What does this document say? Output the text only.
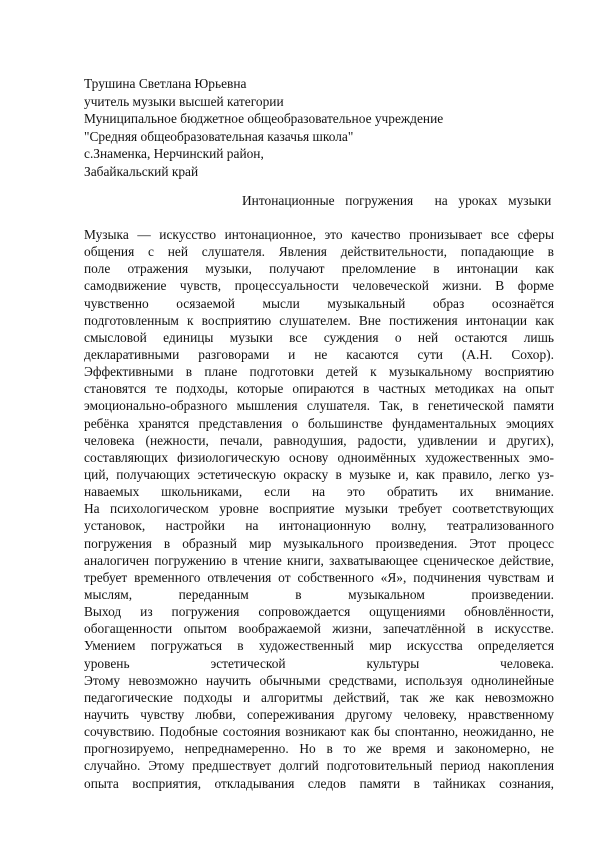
Трушина Светлана Юрьевна
учитель музыки высшей категории
Муниципальное бюджетное общеобразовательное учреждение
"Средняя общеобразовательная казачья школа"
с.Знаменка, Нерчинский район,
Забайкальский край
Интонационные  погружения    на  уроках  музыки
Музыка — искусство интонационное, это качество пронизывает все сферы
общения с ней слушателя. Явления действительности, попадающие в
поле отражения музыки, получают преломление в интонации как
самодвижение чувств, процессуальности человеческой жизни. В форме
чувственно осязаемой мысли музыкальный образ осознаётся
подготовленным к восприятию слушателем. Вне постижения интонации как
смысловой единицы музыки все суждения о ней остаются лишь
декларативными разговорами и не касаются сути (А.Н. Сохор).
Эффективными в плане подготовки детей к музыкальному восприятию
становятся те подходы, которые опираются в частных методиках на опыт
эмоционально-образного мышления слушателя. Так, в генетической памяти
ребёнка хранятся представления о большинстве фундаментальных эмоциях
человека (нежности, печали, равнодушия, радости, удивлении и других),
составляющих физиологическую основу одноимённых художественных эмо-
ций, получающих эстетическую окраску в музыке и, как правило, легко уз-
наваемых школьниками, если на это обратить их внимание.
На психологическом уровне восприятие музыки требует соответствующих
установок, настройки на интонационную волну, театрализованного
погружения в образный мир музыкального произведения. Этот процесс
аналогичен погружению в чтение книги, захватывающее сценическое действие,
требует временного отвлечения от собственного «Я», подчинения чувствам и
мыслям, переданным в музыкальном произведении.
Выход из погружения сопровождается ощущениями обновлённости,
обогащенности опытом воображаемой жизни, запечатлённой в искусстве.
Умением погружаться в художественный мир искусства определяется
уровень эстетической культуры человека.
Этому невозможно научить обычными средствами, используя однолинейные
педагогические подходы и алгоритмы действий, так же как невозможно
научить чувству любви, сопереживания другому человеку, нравственному
сочувствию. Подобные состояния возникают как бы спонтанно, неожиданно, не
прогнозируемо, непреднамеренно. Но в то же время и закономерно, не
случайно. Этому предшествует долгий подготовительный период накопления
опыта восприятия, откладывания следов памяти в тайниках сознания,
